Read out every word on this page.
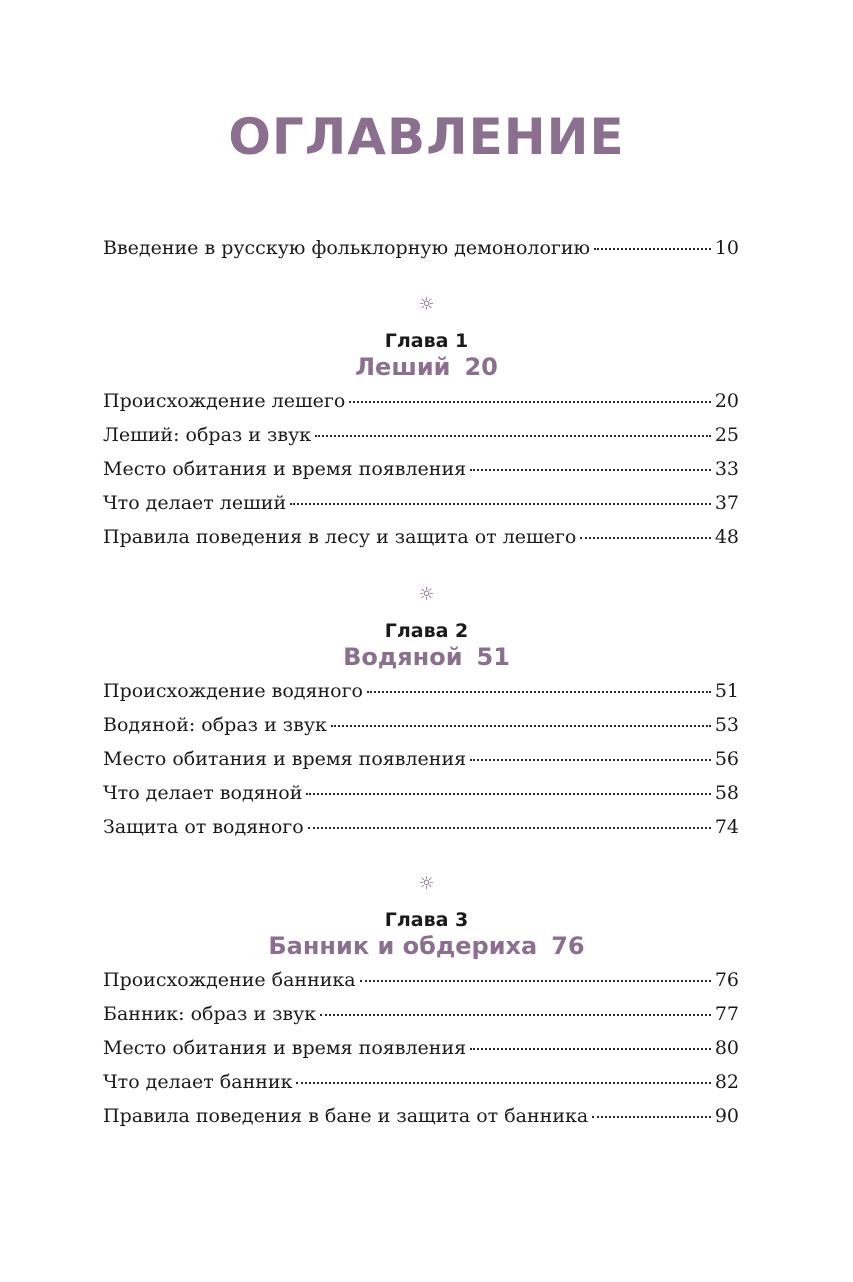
ОГЛАВЛЕНИЕ
Введение в русскую фольклорную демонологию	10
☼
Глава 1
Леший 20
Происхождение лешего	20
Леший: образ и звук	25
Место обитания и время появления	33
Что делает леший	37
Правила поведения в лесу и защита от лешего	48
☼
Глава 2
Водяной 51
Происхождение водяного	51
Водяной: образ и звук	53
Место обитания и время появления	56
Что делает водяной	58
Защита от водяного	74
☼
Глава 3
Банник и обдериха 76
Происхождение банника	76
Банник: образ и звук	77
Место обитания и время появления	80
Что делает банник	82
Правила поведения в бане и защита от банника	90
